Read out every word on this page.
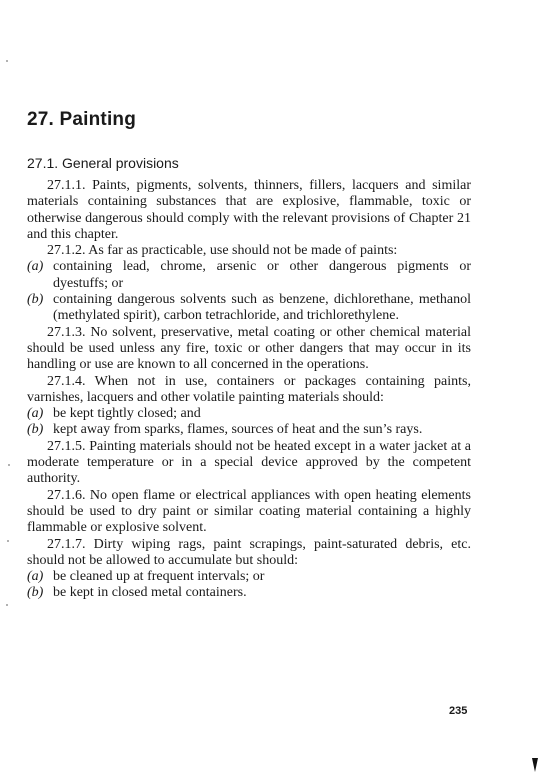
27. Painting
27.1. General provisions

27.1.1. Paints, pigments, solvents, thinners, fillers, lacquers and similar materials containing substances that are explosive, flammable, toxic or otherwise dangerous should comply with the relevant provisions of Chapter 21 and this chapter.

27.1.2. As far as practicable, use should not be made of paints:

(a) containing lead, chrome, arsenic or other dangerous pigments or dyestuffs; or

(b) containing dangerous solvents such as benzene, dichlorethane, methanol (methylated spirit), carbon tetrachloride, and trichlorethylene.

27.1.3. No solvent, preservative, metal coating or other chemical material should be used unless any fire, toxic or other dangers that may occur in its handling or use are known to all concerned in the operations.

27.1.4. When not in use, containers or packages containing paints, varnishes, lacquers and other volatile painting materials should:

(a) be kept tightly closed; and

(b) kept away from sparks, flames, sources of heat and the sun’s rays.

27.1.5. Painting materials should not be heated except in a water jacket at a moderate temperature or in a special device approved by the competent authority.

27.1.6. No open flame or electrical appliances with open heating elements should be used to dry paint or similar coating material containing a highly flammable or explosive solvent.

27.1.7. Dirty wiping rags, paint scrapings, paint-saturated debris, etc. should not be allowed to accumulate but should:

(a) be cleaned up at frequent intervals; or

(b) be kept in closed metal containers.

235
